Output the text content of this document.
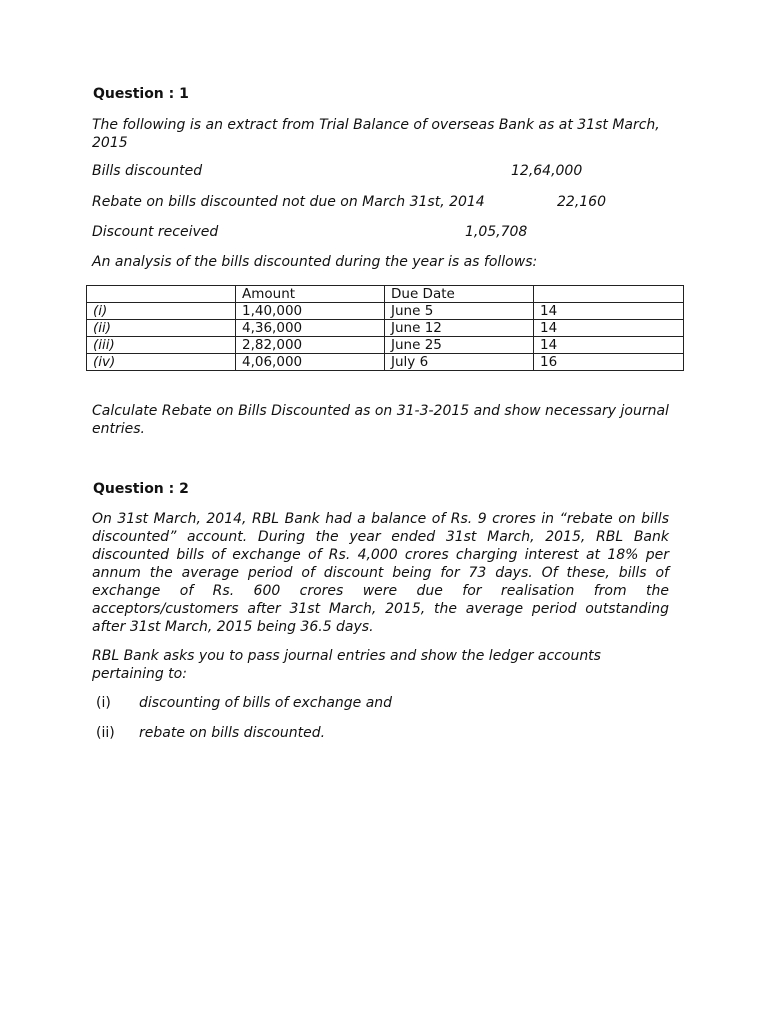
Question : 1
The following is an extract from Trial Balance of overseas Bank as at 31st March, 2015
Bills discounted	12,64,000
Rebate on bills discounted not due on March 31st, 2014	22,160
Discount received	1,05,708
An analysis of the bills discounted during the year is as follows:
	Amount	Due Date	
(i)	1,40,000	June 5	14
(ii)	4,36,000	June 12	14
(iii)	2,82,000	June 25	14
(iv)	4,06,000	July 6	16
Calculate Rebate on Bills Discounted as on 31-3-2015 and show necessary journal entries.
Question : 2
On 31st March, 2014, RBL Bank had a balance of Rs. 9 crores in “rebate on bills discounted” account. During the year ended 31st March, 2015, RBL Bank discounted bills of exchange of Rs. 4,000 crores charging interest at 18% per annum the average period of discount being for 73 days. Of these, bills of exchange of Rs. 600 crores were due for realisation from the acceptors/customers after 31st March, 2015, the average period outstanding after 31st March, 2015 being 36.5 days.
RBL Bank asks you to pass journal entries and show the ledger accounts pertaining to:
(i) discounting of bills of exchange and
(ii) rebate on bills discounted.
